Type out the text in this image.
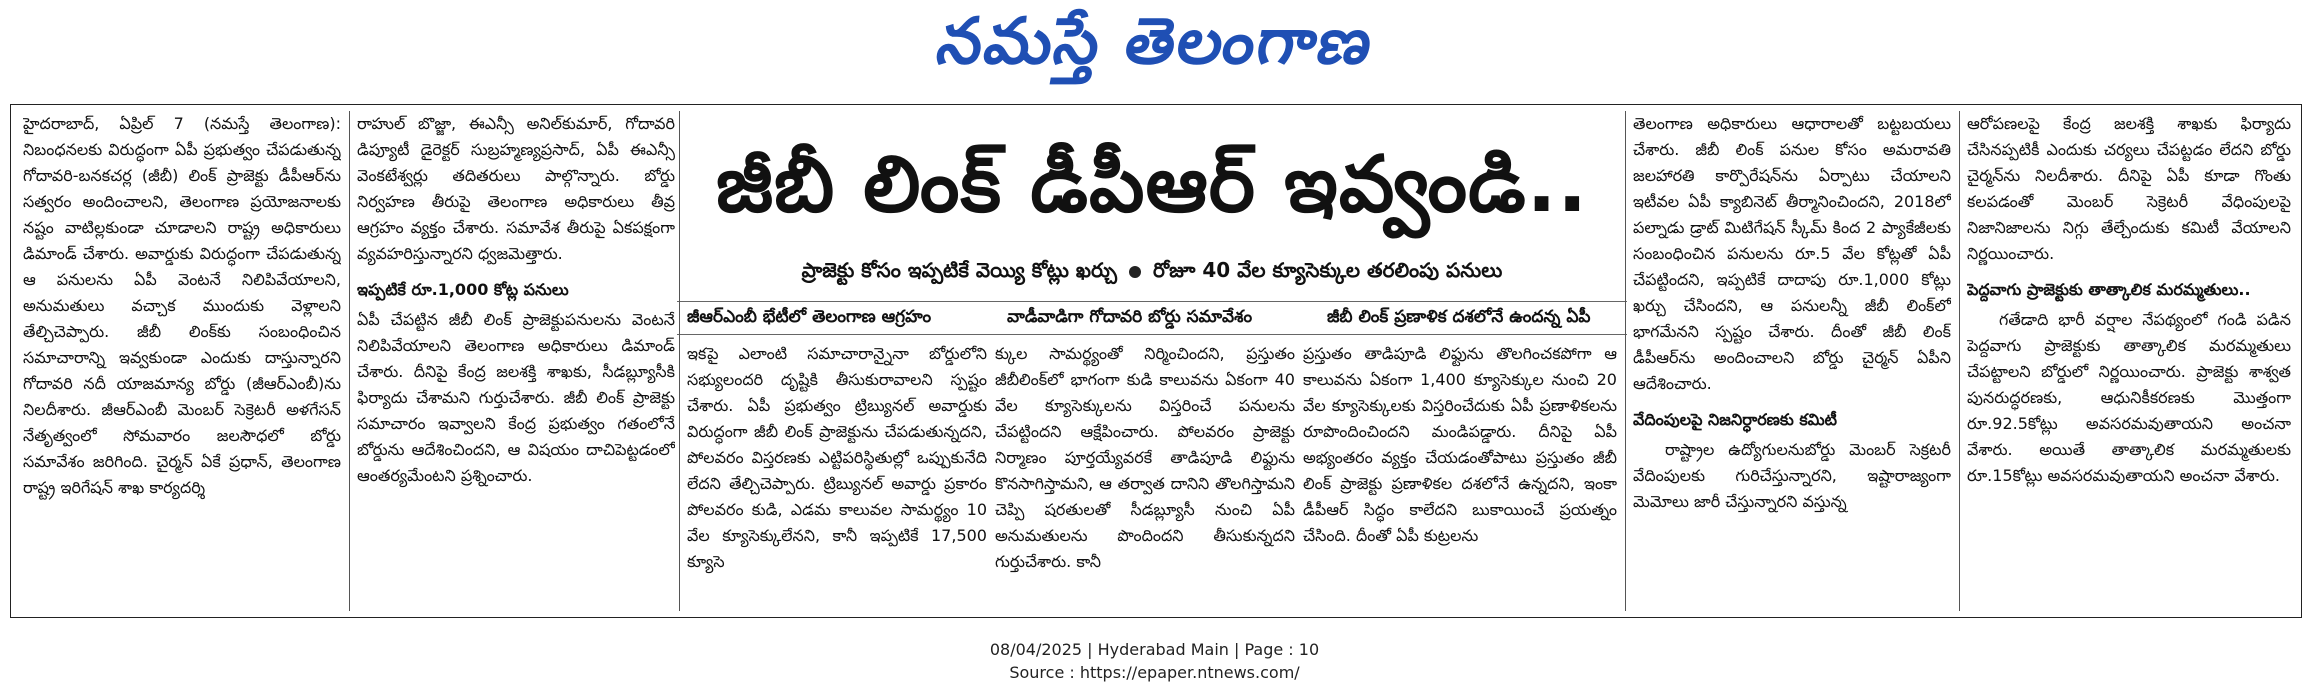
నమస్తే తెలంగాణ
జీబీ లింక్ డీపీఆర్ ఇవ్వండి..
ప్రాజెక్టు కోసం ఇప్పటికే వెయ్యి కోట్లు ఖర్చు రోజూ 40 వేల క్యూసెక్కుల తరలింపు పనులు
జీఆర్ఎంబీ భేటీలో తెలంగాణ ఆగ్రహం	వాడీవాడిగా గోదావరి బోర్డు సమావేశం	జీబీ లింక్ ప్రణాళిక దశలోనే ఉందన్న ఏపీ

హైదరాబాద్, ఏప్రిల్ 7 (నమస్తే తెలంగాణ): నిబంధనలకు విరుద్ధంగా ఏపీ ప్రభుత్వం చేపడుతున్న గోదావరి-బనకచర్ల (జీబీ) లింక్ ప్రాజెక్టు డీపీఆర్‌ను సత్వరం అందించాలని, తెలంగాణ ప్రయోజనాలకు నష్టం వాటిల్లకుండా చూడాలని రాష్ట్ర అధికారులు డిమాండ్ చేశారు. అవార్డుకు విరుద్ధంగా చేపడుతున్న ఆ పనులను ఏపీ వెంటనే నిలిపివేయాలని, అనుమతులు వచ్చాక ముందుకు వెళ్లాలని తేల్చిచెప్పారు. జీబీ లింక్‌కు సంబంధించిన సమాచారాన్ని ఇవ్వకుండా ఎందుకు దాస్తున్నారని గోదావరి నదీ యాజమాన్య బోర్డు (జీఆర్ఎంబీ)ను నిలదీశారు. జీఆర్ఎంబీ మెంబర్ సెక్రెటరీ అళగేసన్ నేతృత్వంలో సోమవారం జలసౌధలో బోర్డు సమావేశం జరిగింది. చైర్మన్ ఏకే ప్రధాన్, తెలంగాణ రాష్ట్ర ఇరిగేషన్ శాఖ కార్యదర్శి

రాహుల్ బొజ్జా, ఈఎన్సీ అనిల్‌కుమార్, గోదావరి డిప్యూటీ డైరెక్టర్ సుబ్రహ్మణ్యప్రసాద్, ఏపీ ఈఎన్సీ వెంకటేశ్వర్లు తదితరులు పాల్గొన్నారు. బోర్డు నిర్వహణ తీరుపై తెలంగాణ అధికారులు తీవ్ర ఆగ్రహం వ్యక్తం చేశారు. సమావేశ తీరుపై ఏకపక్షంగా వ్యవహరిస్తున్నారని ధ్వజమెత్తారు.

ఇప్పటికే రూ.1,000 కోట్ల పనులు

ఏపీ చేపట్టిన జీబీ లింక్ ప్రాజెక్టుపనులను వెంటనే నిలిపివేయాలని తెలంగాణ అధికారులు డిమాండ్ చేశారు. దీనిపై కేంద్ర జలశక్తి శాఖకు, సీడబ్ల్యూసీకి ఫిర్యాదు చేశామని గుర్తుచేశారు. జీబీ లింక్ ప్రాజెక్టు సమాచారం ఇవ్వాలని కేంద్ర ప్రభుత్వం గతంలోనే బోర్డును ఆదేశించిందని, ఆ విషయం దాచిపెట్టడంలో ఆంతర్యమేంటని ప్రశ్నించారు.

ఇకపై ఎలాంటి సమాచారాన్నైనా బోర్డులోని సభ్యులందరి దృష్టికి తీసుకురావాలని స్పష్టం చేశారు. ఏపీ ప్రభుత్వం ట్రిబ్యునల్ అవార్డుకు విరుద్ధంగా జీబీ లింక్ ప్రాజెక్టును చేపడుతున్నదని, పోలవరం విస్తరణకు ఎట్టిపరిస్థితుల్లో ఒప్పుకునేది లేదని తేల్చిచెప్పారు. ట్రిబ్యునల్ అవార్డు ప్రకారం పోలవరం కుడి, ఎడమ కాలువల సామర్థ్యం 10 వేల క్యూసెక్కులేనని, కానీ ఇప్పటికే 17,500 క్యూసె

క్కుల సామర్థ్యంతో నిర్మించిందని, ప్రస్తుతం జీబీలింక్‌లో భాగంగా కుడి కాలువను ఏకంగా 40 వేల క్యూసెక్కులను విస్తరించే పనులను చేపట్టిందని ఆక్షేపించారు. పోలవరం ప్రాజెక్టు నిర్మాణం పూర్తయ్యేవరకే తాడిపూడి లిఫ్టును కొనసాగిస్తామని, ఆ తర్వాత దానిని తొలగిస్తామని చెప్పి షరతులతో సీడబ్ల్యూసీ నుంచి ఏపీ అనుమతులను పొందిందని తీసుకున్నదని గుర్తుచేశారు. కానీ

ప్రస్తుతం తాడిపూడి లిఫ్టును తొలగించకపోగా ఆ కాలువను ఏకంగా 1,400 క్యూసెక్కుల నుంచి 20 వేల క్యూసెక్కులకు విస్తరించేదుకు ఏపీ ప్రణాళికలను రూపొందించిందని మండిపడ్డారు. దీనిపై ఏపీ అభ్యంతరం వ్యక్తం చేయడంతోపాటు ప్రస్తుతం జీబీ లింక్ ప్రాజెక్టు ప్రణాళికల దశలోనే ఉన్నదని, ఇంకా డీపీఆర్ సిద్ధం కాలేదని బుకాయించే ప్రయత్నం చేసింది. దీంతో ఏపీ కుట్రలను

తెలంగాణ అధికారులు ఆధారాలతో బట్టబయలు చేశారు. జీబీ లింక్ పనుల కోసం అమరావతి జలహారతి కార్పొరేషన్‌ను ఏర్పాటు చేయాలని ఇటీవల ఏపీ క్యాబినెట్ తీర్మానించిందని, 2018లో పల్నాడు డ్రాట్ మిటిగేషన్ స్కీమ్ కింద 2 ప్యాకేజీలకు సంబంధించిన పనులను రూ.5 వేల కోట్లతో ఏపీ చేపట్టిందని, ఇప్పటికే దాదాపు రూ.1,000 కోట్లు ఖర్చు చేసిందని, ఆ పనులన్నీ జీబీ లింక్‌లో భాగమేనని స్పష్టం చేశారు. దీంతో జీబీ లింక్ డీపీఆర్‌ను అందించాలని బోర్డు చైర్మన్ ఏపీని ఆదేశించారు.

వేదింపులపై నిజనిర్ధారణకు కమిటీ

రాష్ట్రాల ఉద్యోగులనుబోర్డు మెంబర్ సెక్రటరీ వేదింపులకు గురిచేస్తున్నారని, ఇష్టారాజ్యంగా మెమోలు జారీ చేస్తున్నారని వస్తున్న

ఆరోపణలపై కేంద్ర జలశక్తి శాఖకు ఫిర్యాదు చేసినప్పటికీ ఎందుకు చర్యలు చేపట్టడం లేదని బోర్డు చైర్మన్‌ను నిలదీశారు. దీనిపై ఏపీ కూడా గొంతు కలపడంతో మెంబర్ సెక్రెటరీ వేధింపులపై నిజానిజాలను నిగ్గు తేల్చేందుకు కమిటీ వేయాలని నిర్ణయించారు.

పెద్దవాగు ప్రాజెక్టుకు తాత్కాలిక మరమ్మతులు..

గతేడాది భారీ వర్షాల నేపథ్యంలో గండి పడిన పెద్దవాగు ప్రాజెక్టుకు తాత్కాలిక మరమ్మతులు చేపట్టాలని బోర్డులో నిర్ణయించారు. ప్రాజెక్టు శాశ్వత పునరుద్ధరణకు, ఆధునికీకరణకు మొత్తంగా రూ.92.5కోట్లు అవసరమవుతాయని అంచనా వేశారు. అయితే తాత్కాలిక మరమ్మతులకు రూ.15కోట్లు అవసరమవుతాయని అంచనా వేశారు.

08/04/2025 | Hyderabad Main | Page : 10
Source : https://epaper.ntnews.com/
